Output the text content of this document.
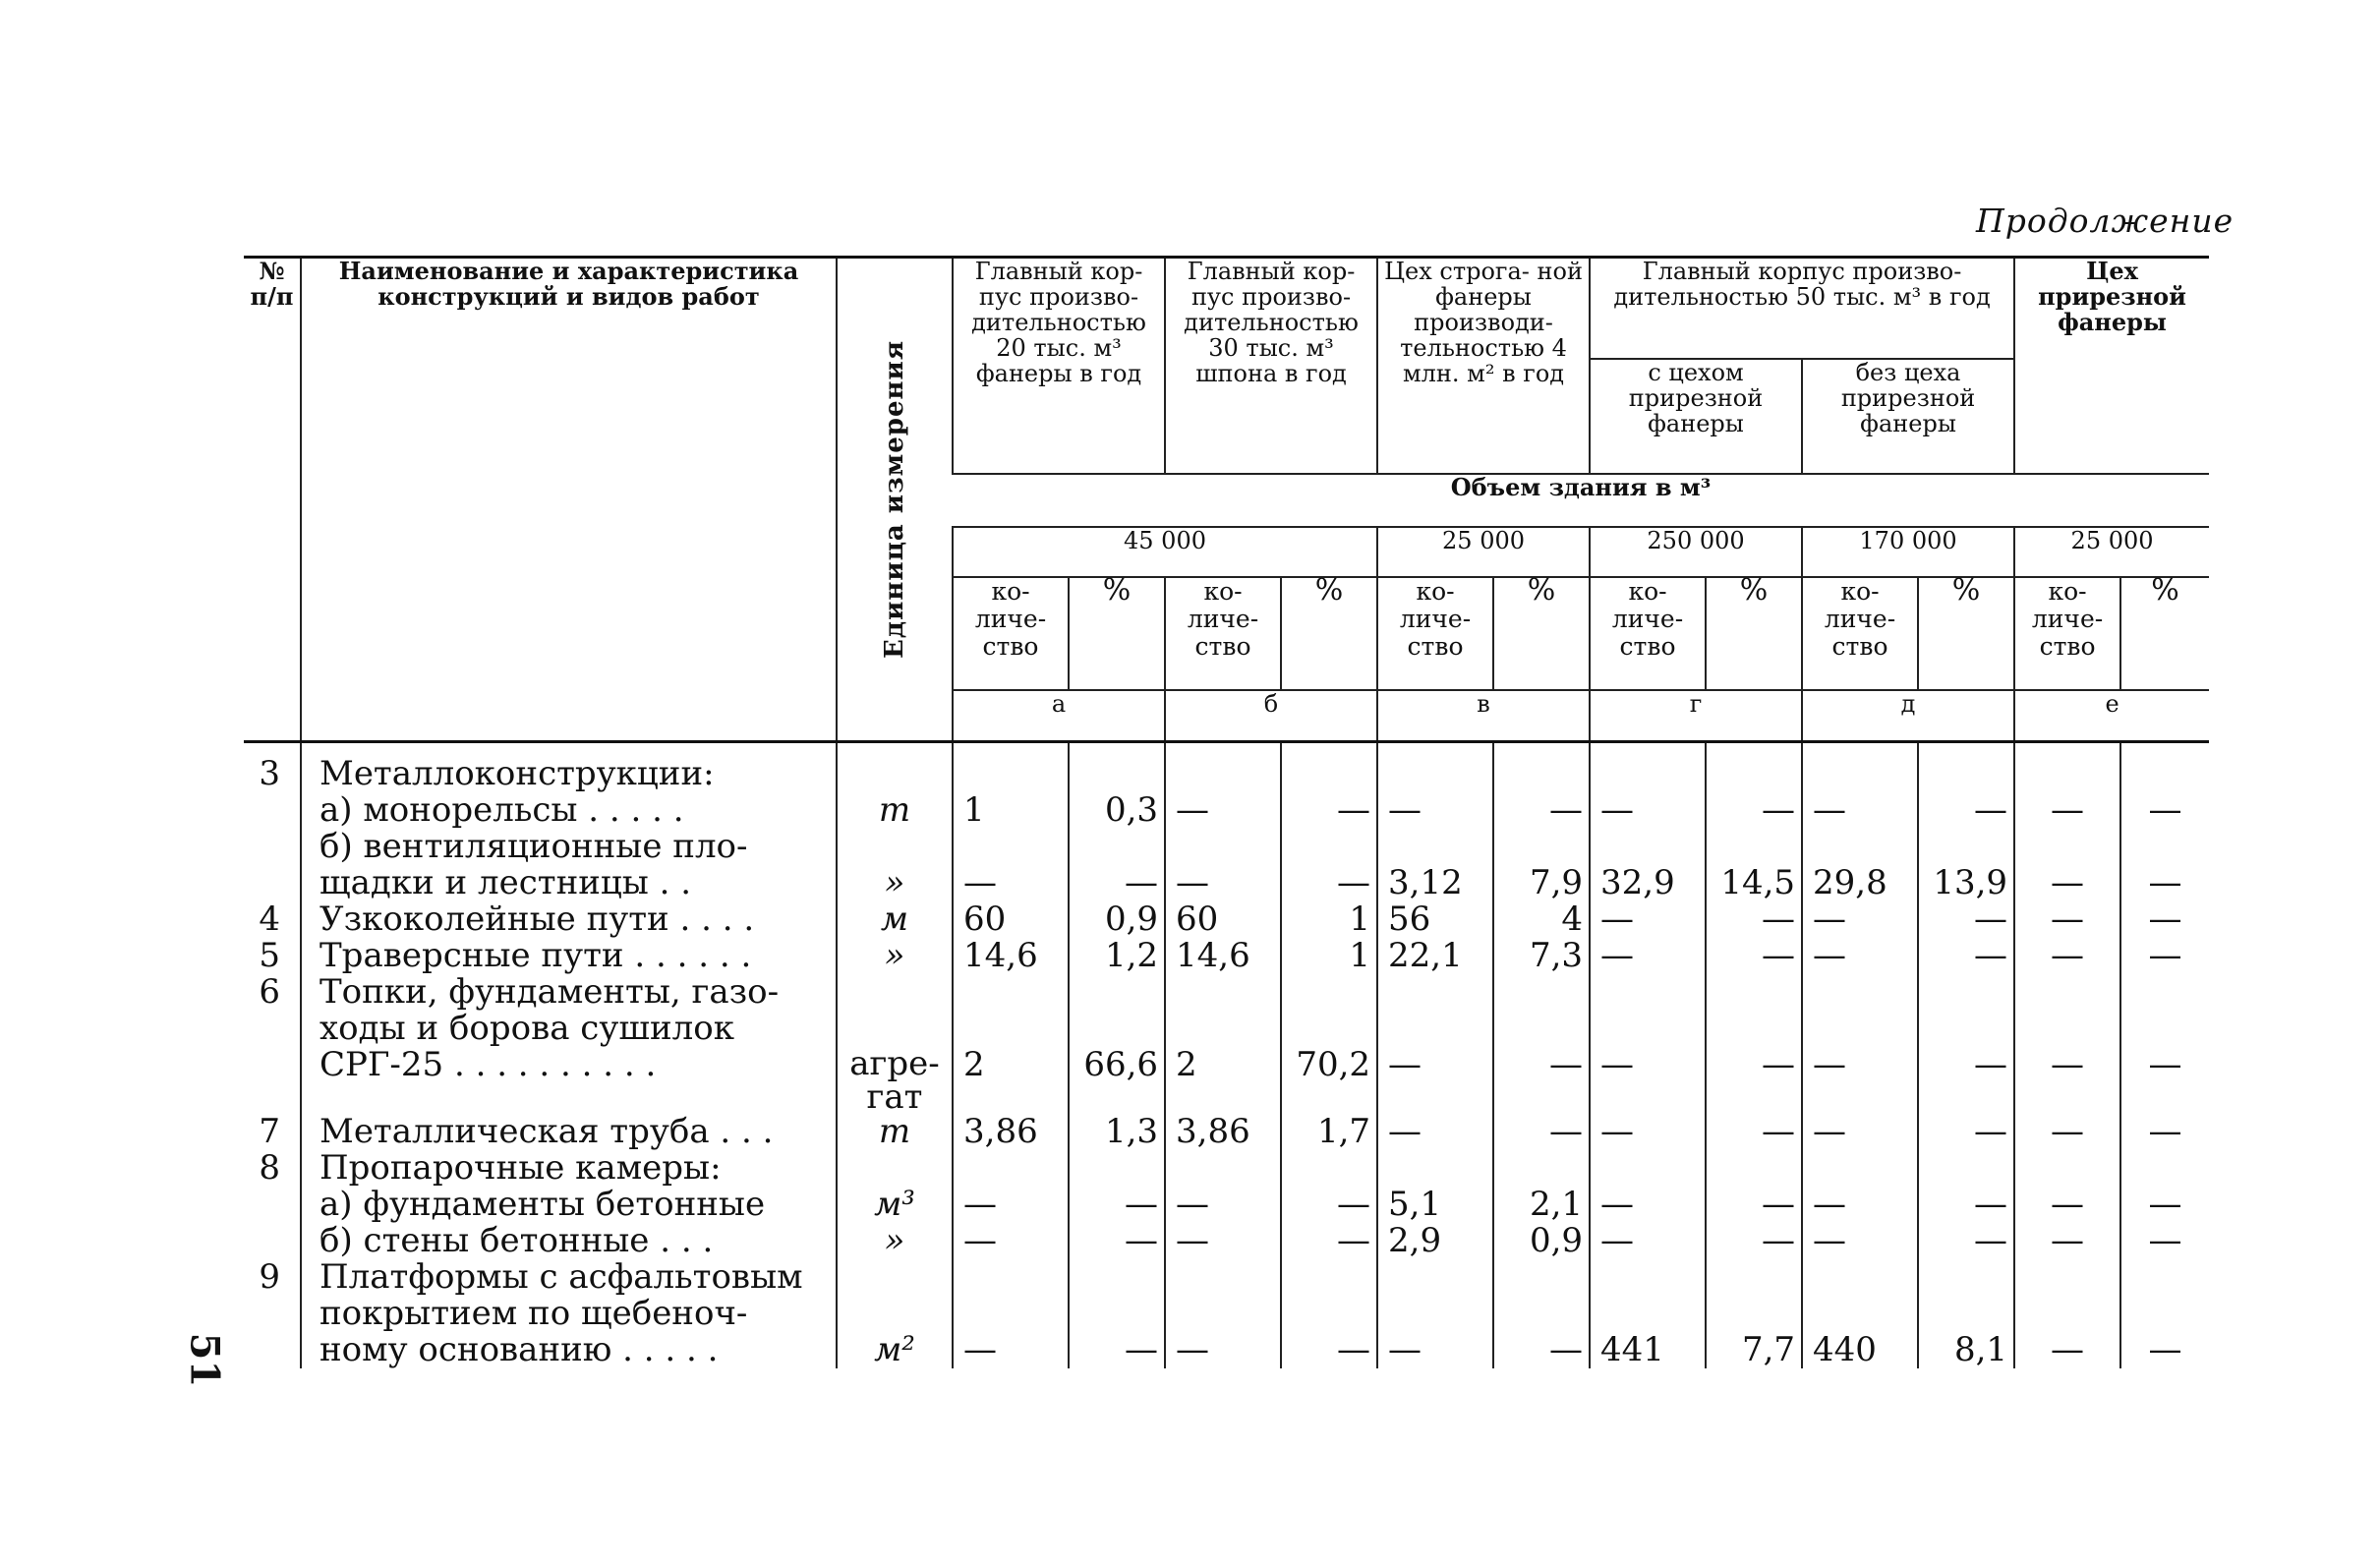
Продолжение
51
№ п/п	Наименование и характеристика конструкций и видов работ	Единица измерения	Главный кор- пус произво- дительностью 20 тыс. м³ фанеры в год		Главный кор- пус произво- дительностью 30 тыс. м³ шпона в год		Цех строга- ной фанеры производи- тельностью 4 млн. м² в год		Главный корпус произво- дительностью 50 тыс. м³ в год				Цех прирезной фанеры	
									с цехом прирезной фанеры		без цеха прирезной фанеры			
			Объем здания в м³											
			45 000				25 000		250 000		170 000		25 000	
			ко- личе- ство	%	ко- личе- ство	%	ко- личе- ство	%	ко- личе- ство	%	ко- личе- ство	%	ко- личе- ство	%
			а		б		в		г		д		е	

3	Металлоконструкции:													
	а) монорельсы . . . . .	т	1	0,3	—	—	—	—	—	—	—	—	—	—
	б) вентиляционные пло-													
	щадки и лестницы . .	»	—	—	—	—	3,12	7,9	32,9	14,5	29,8	13,9	—	—
4	Узкоколейные пути . . . .	м	60	0,9	60	1	56	4	—	—	—	—	—	—
5	Траверсные пути . . . . . .	»	14,6	1,2	14,6	1	22,1	7,3	—	—	—	—	—	—
6	Топки, фундаменты, газо-													
	ходы и борова сушилок													
	СРГ-25 . . . . . . . . . .	агре- гат	2	66,6	2	70,2	—	—	—	—	—	—	—	—
7	Металлическая труба . . .	т	3,86	1,3	3,86	1,7	—	—	—	—	—	—	—	—
8	Пропарочные камеры:													
	а) фундаменты бетонные	м³	—	—	—	—	5,1	2,1	—	—	—	—	—	—
	б) стены бетонные . . .	»	—	—	—	—	2,9	0,9	—	—	—	—	—	—
9	Платформы с асфальтовым													
	покрытием по щебеноч-													
	ному основанию . . . . .	м²	—	—	—	—	—	—	441	7,7	440	8,1	—	—
